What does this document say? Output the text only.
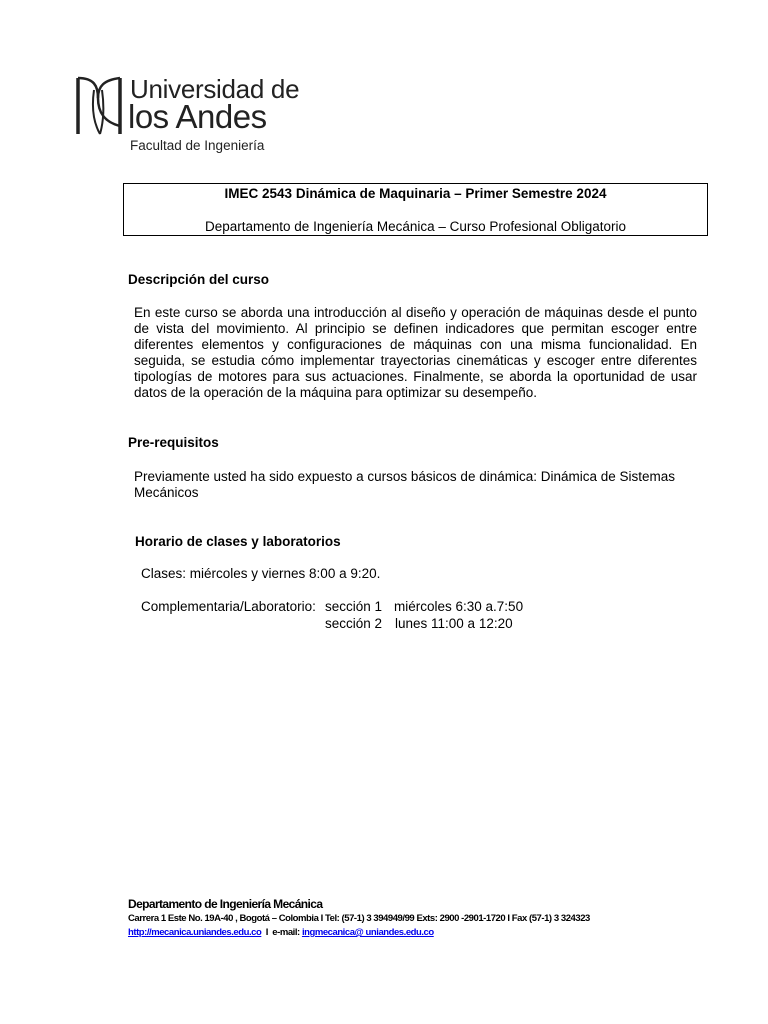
Universidad de
los Andes
Facultad de Ingeniería
IMEC 2543 Dinámica de Maquinaria – Primer Semestre 2024
Departamento de Ingeniería Mecánica – Curso Profesional Obligatorio
Descripción del curso
En este curso se aborda una introducción al diseño y operación de máquinas desde el punto de vista del movimiento. Al principio se definen indicadores que permitan escoger entre diferentes elementos y configuraciones de máquinas con una misma funcionalidad. En seguida, se estudia cómo implementar trayectorias cinemáticas y escoger entre diferentes tipologías de motores para sus actuaciones. Finalmente, se aborda la oportunidad de usar datos de la operación de la máquina para optimizar su desempeño.
Pre-requisitos
Previamente usted ha sido expuesto a cursos básicos de dinámica: Dinámica de Sistemas Mecánicos
Horario de clases y laboratorios
Clases: miércoles y viernes 8:00 a 9:20.
Complementaria/Laboratorio: sección 1 miércoles 6:30 a.7:50
sección 2 lunes 11:00 a 12:20
Departamento de Ingeniería Mecánica
Carrera 1 Este No. 19A-40 , Bogotá – Colombia I Tel: (57-1) 3 394949/99 Exts: 2900 -2901-1720 I Fax (57-1) 3 324323
http://mecanica.uniandes.edu.co  I  e-mail: ingmecanica@ uniandes.edu.co
